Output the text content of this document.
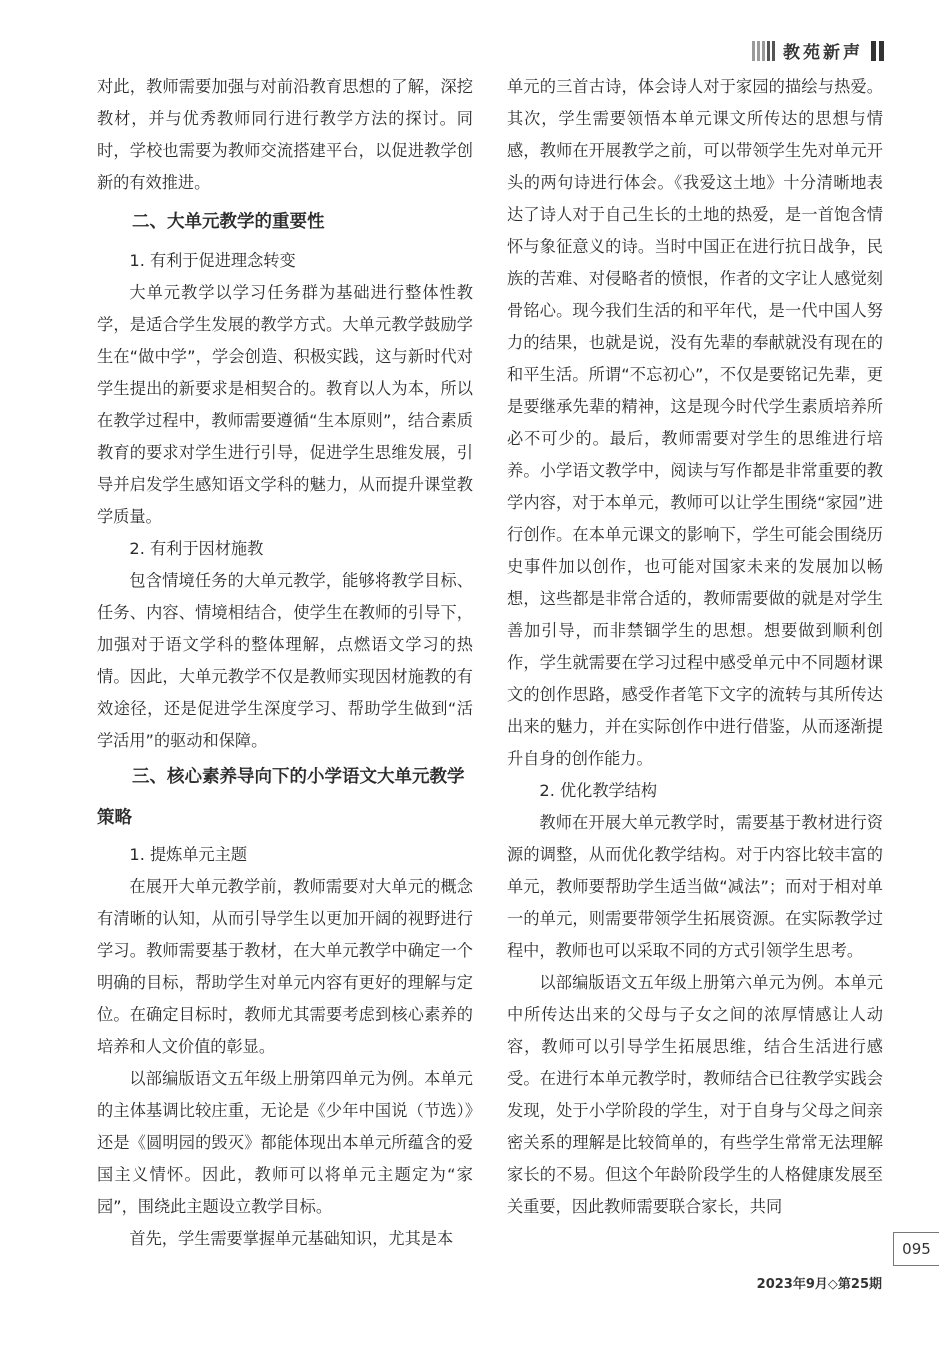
教苑新声

对此，教师需要加强与对前沿教育思想的了解，深挖教材，并与优秀教师同行进行教学方法的探讨。同时，学校也需要为教师交流搭建平台，以促进教学创新的有效推进。

二、大单元教学的重要性
1. 有利于促进理念转变

大单元教学以学习任务群为基础进行整体性教学，是适合学生发展的教学方式。大单元教学鼓励学生在“做中学”，学会创造、积极实践，这与新时代对学生提出的新要求是相契合的。教育以人为本，所以在教学过程中，教师需要遵循“生本原则”，结合素质教育的要求对学生进行引导，促进学生思维发展，引导并启发学生感知语文学科的魅力，从而提升课堂教学质量。

2. 有利于因材施教

包含情境任务的大单元教学，能够将教学目标、任务、内容、情境相结合，使学生在教师的引导下，加强对于语文学科的整体理解，点燃语文学习的热情。因此，大单元教学不仅是教师实现因材施教的有效途径，还是促进学生深度学习、帮助学生做到“活学活用”的驱动和保障。

三、核心素养导向下的小学语文大单元教学策略
1. 提炼单元主题

在展开大单元教学前，教师需要对大单元的概念有清晰的认知，从而引导学生以更加开阔的视野进行学习。教师需要基于教材，在大单元教学中确定一个明确的目标，帮助学生对单元内容有更好的理解与定位。在确定目标时，教师尤其需要考虑到核心素养的培养和人文价值的彰显。

以部编版语文五年级上册第四单元为例。本单元的主体基调比较庄重，无论是《少年中国说（节选）》还是《圆明园的毁灭》都能体现出本单元所蕴含的爱国主义情怀。因此，教师可以将单元主题定为“家园”，围绕此主题设立教学目标。

首先，学生需要掌握单元基础知识，尤其是本

单元的三首古诗，体会诗人对于家园的描绘与热爱。其次，学生需要领悟本单元课文所传达的思想与情感，教师在开展教学之前，可以带领学生先对单元开头的两句诗进行体会。《我爱这土地》十分清晰地表达了诗人对于自己生长的土地的热爱，是一首饱含情怀与象征意义的诗。当时中国正在进行抗日战争，民族的苦难、对侵略者的愤恨，作者的文字让人感觉刻骨铭心。现今我们生活的和平年代，是一代中国人努力的结果，也就是说，没有先辈的奉献就没有现在的和平生活。所谓“不忘初心”，不仅是要铭记先辈，更是要继承先辈的精神，这是现今时代学生素质培养所必不可少的。最后，教师需要对学生的思维进行培养。小学语文教学中，阅读与写作都是非常重要的教学内容，对于本单元，教师可以让学生围绕“家园”进行创作。在本单元课文的影响下，学生可能会围绕历史事件加以创作，也可能对国家未来的发展加以畅想，这些都是非常合适的，教师需要做的就是对学生善加引导，而非禁锢学生的思想。想要做到顺利创作，学生就需要在学习过程中感受单元中不同题材课文的创作思路，感受作者笔下文字的流转与其所传达出来的魅力，并在实际创作中进行借鉴，从而逐渐提升自身的创作能力。

2. 优化教学结构

教师在开展大单元教学时，需要基于教材进行资源的调整，从而优化教学结构。对于内容比较丰富的单元，教师要帮助学生适当做“减法”；而对于相对单一的单元，则需要带领学生拓展资源。在实际教学过程中，教师也可以采取不同的方式引领学生思考。

以部编版语文五年级上册第六单元为例。本单元中所传达出来的父母与子女之间的浓厚情感让人动容，教师可以引导学生拓展思维，结合生活进行感受。在进行本单元教学时，教师结合已往教学实践会发现，处于小学阶段的学生，对于自身与父母之间亲密关系的理解是比较简单的，有些学生常常无法理解家长的不易。但这个年龄阶段学生的人格健康发展至关重要，因此教师需要联合家长，共同

095
2023年9月◇第25期
